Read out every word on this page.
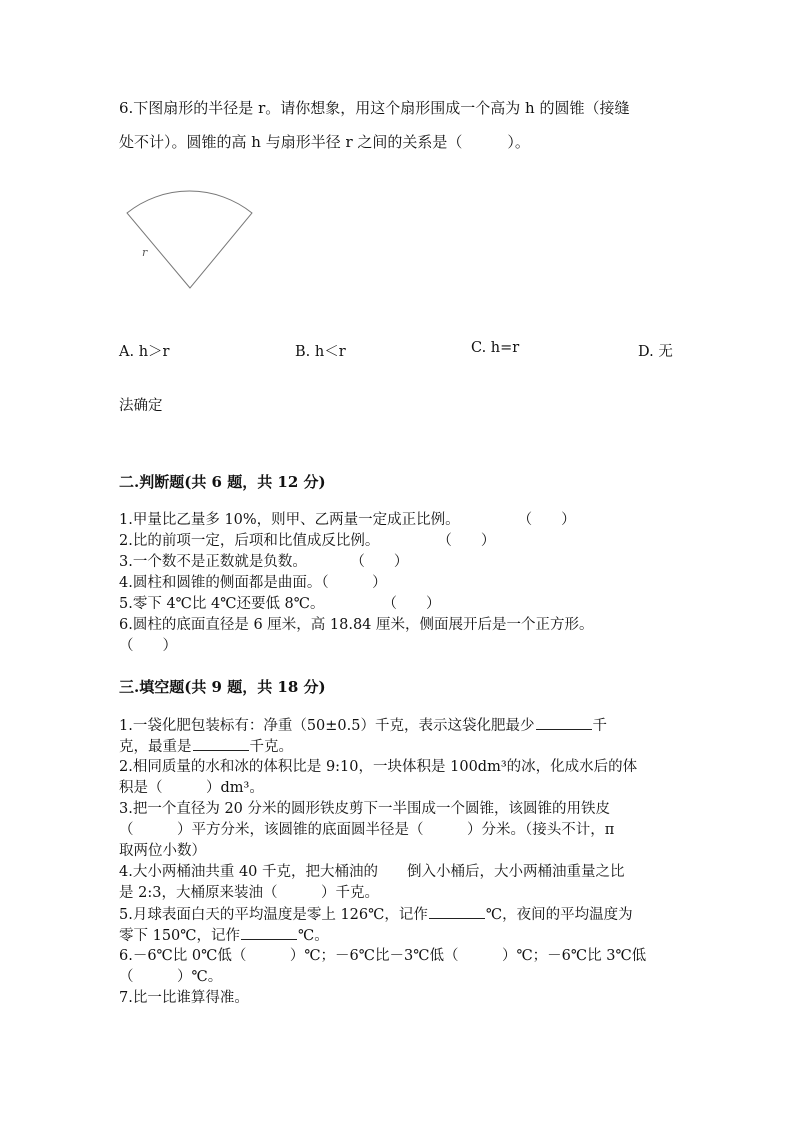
6.下图扇形的半径是 r。请你想象，用这个扇形围成一个高为 h 的圆锥（接缝
处不计）。圆锥的高 h 与扇形半径 r 之间的关系是（　　　）。
r
A. h＞r	B. h＜r	C. h=r	D. 无
法确定
二.判断题(共 6 题，共 12 分)
1.甲量比乙量多 10%，则甲、乙两量一定成正比例。　　　　　（　　）
2.比的前项一定，后项和比值成反比例。　　　　　（　　）
3.一个数不是正数就是负数。　　　　（　　）
4.圆柱和圆锥的侧面都是曲面。（　　　）
5.零下 4℃比 4℃还要低 8℃。　　　　　（　　）
6.圆柱的底面直径是 6 厘米，高 18.84 厘米，侧面展开后是一个正方形。
（　　）
三.填空题(共 9 题，共 18 分)
1.一袋化肥包装标有：净重（50±0.5）千克，表示这袋化肥最少	千
克，最重是	千克。
2.相同质量的水和冰的体积比是 9:10，一块体积是 100dm³的冰，化成水后的体
积是（　　　）dm³。
3.把一个直径为 20 分米的圆形铁皮剪下一半围成一个圆锥，该圆锥的用铁皮
（　　　）平方分米，该圆锥的底面圆半径是（　　　）分米。（接头不计，π
取两位小数）
4.大小两桶油共重 40 千克，把大桶油的　　倒入小桶后，大小两桶油重量之比
是 2:3，大桶原来装油（　　　）千克。
5.月球表面白天的平均温度是零上 126℃，记作	℃，夜间的平均温度为
零下 150℃，记作	℃。
6.－6℃比 0℃低（　　　）℃；－6℃比－3℃低（　　　）℃；－6℃比 3℃低
（　　　）℃。
7.比一比谁算得准。
